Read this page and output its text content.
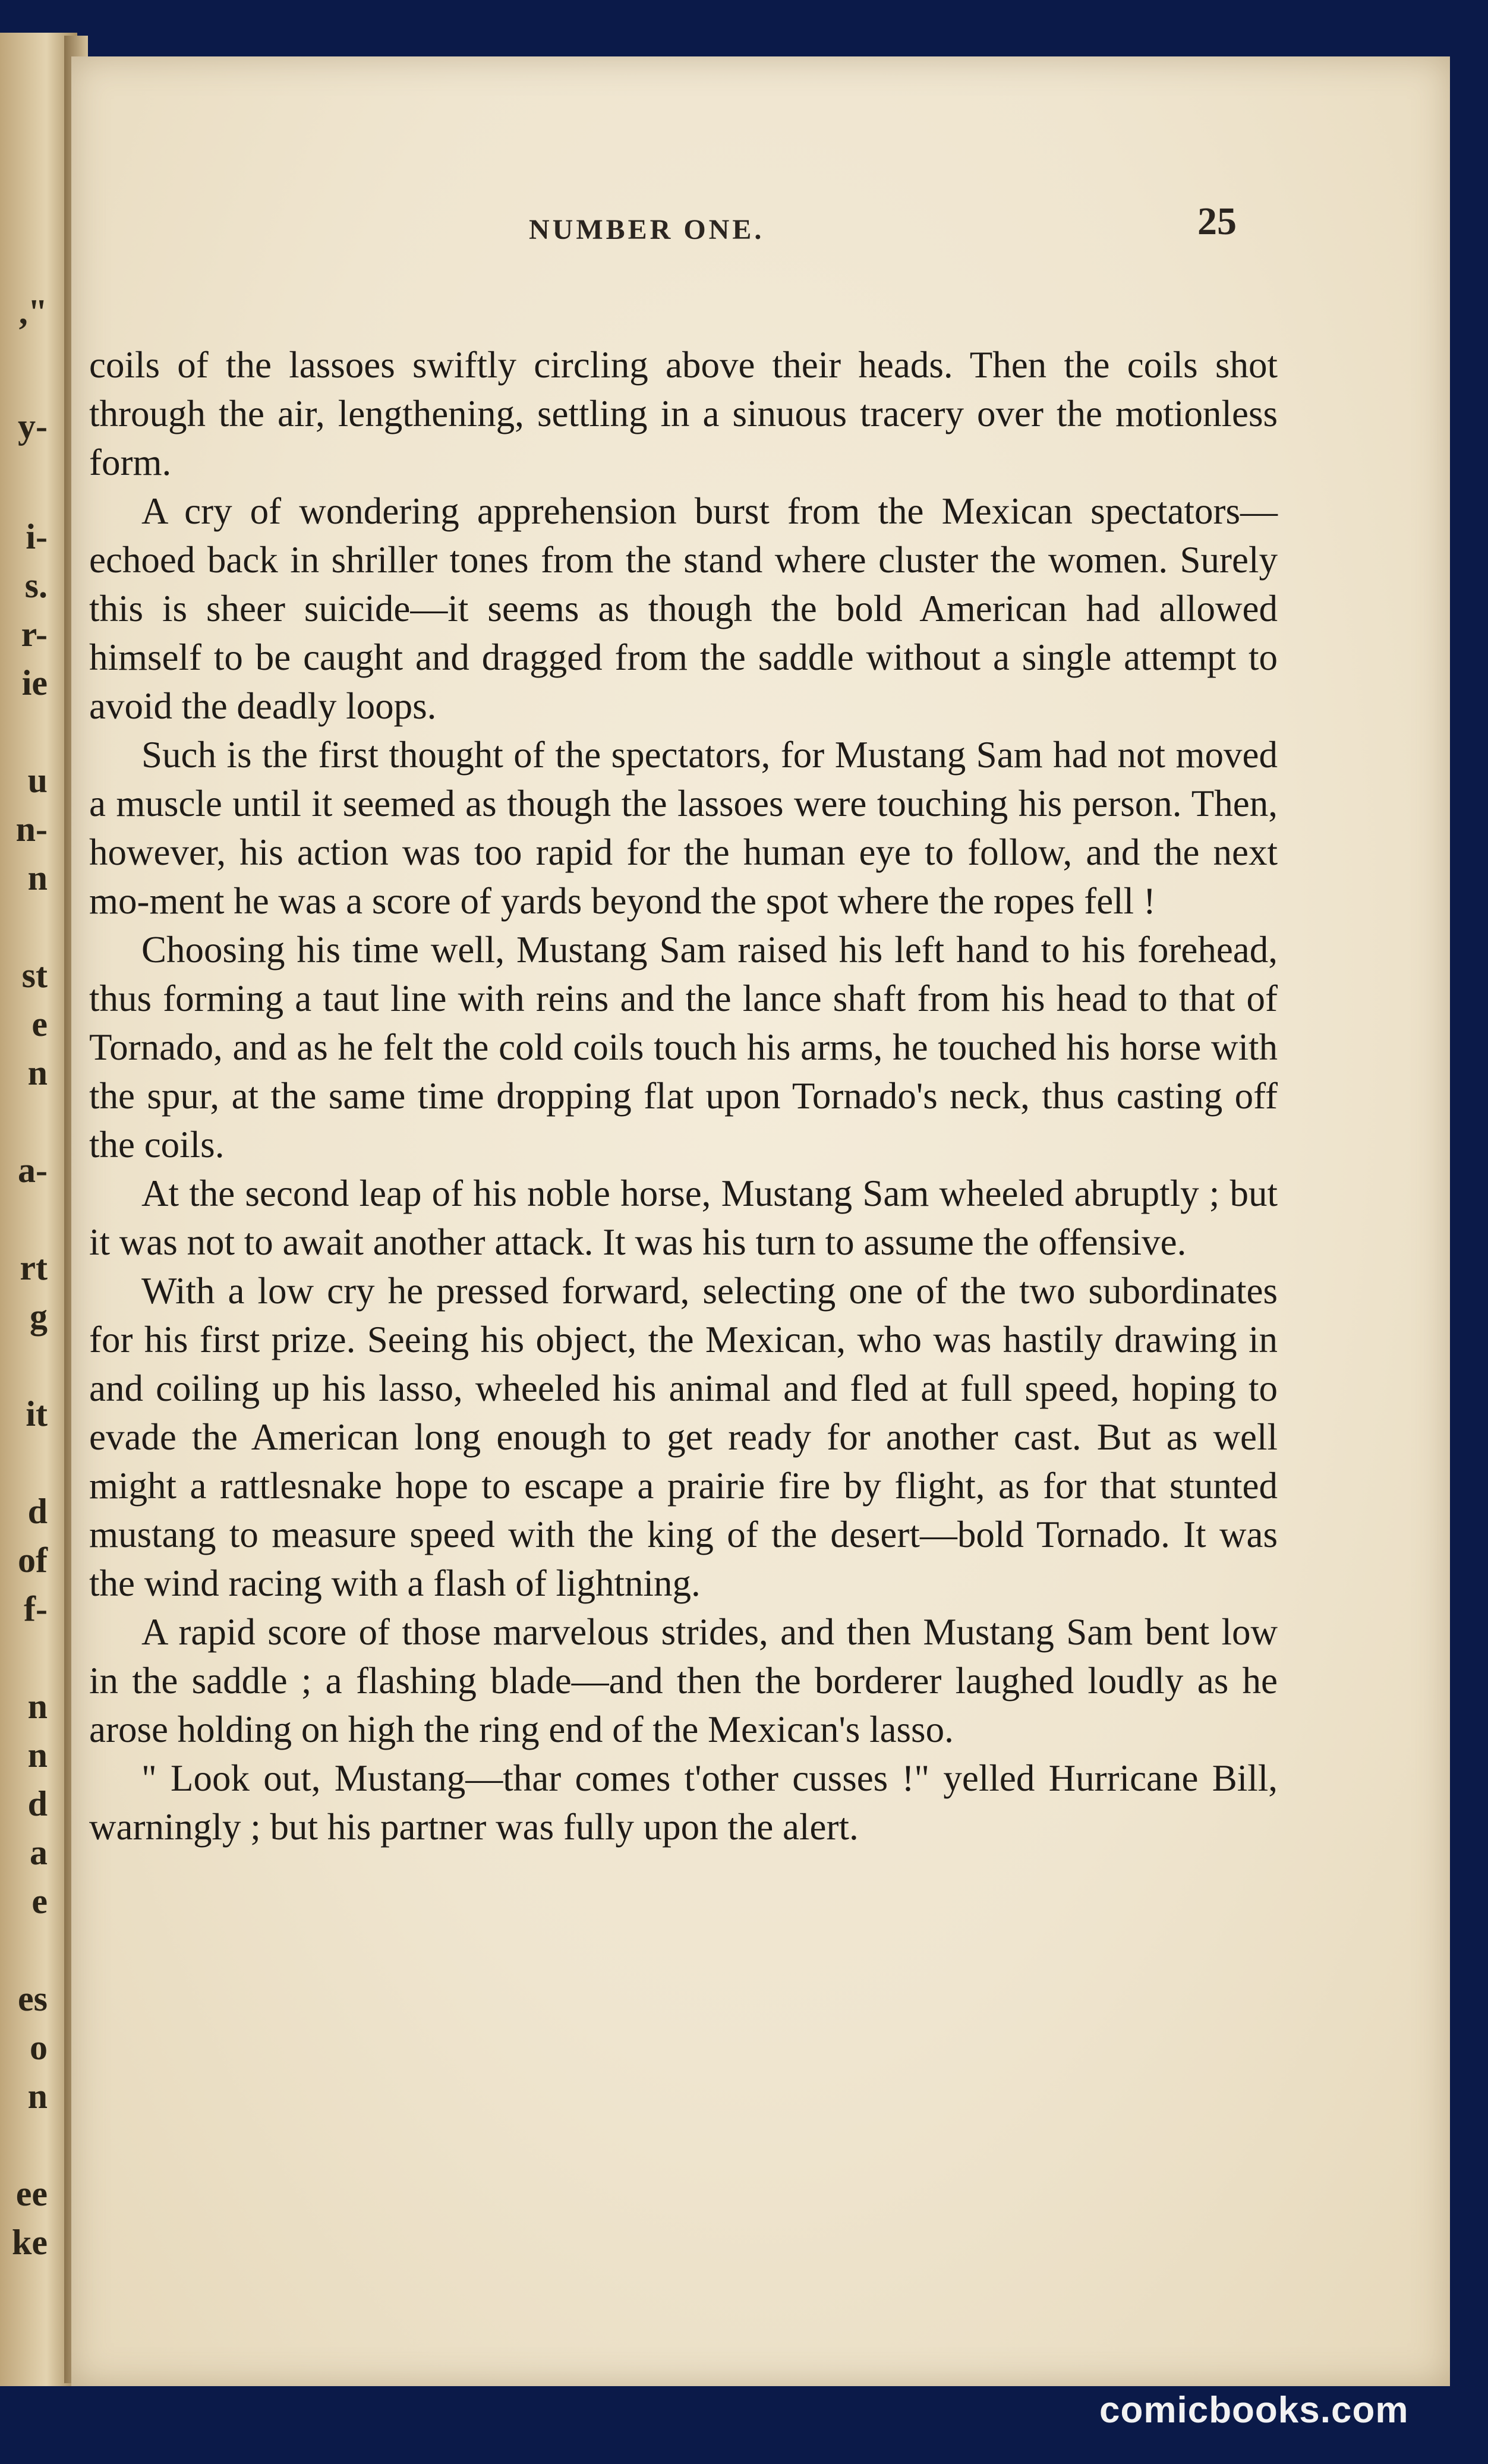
,"
y-
i-
s.
r-
ie
u
n-
n
st
e
n
a-
rt
g
it
d
of
f-
n
n
d
a
e
es
o
n
ee
ke
NUMBER ONE.	25

coils of the lassoes swiftly circling above their heads. Then the coils shot through the air, lengthening, settling in a sinuous tracery over the motionless form.

A cry of wondering apprehension burst from the Mexican spectators—echoed back in shriller tones from the stand where cluster the women. Surely this is sheer suicide—it seems as though the bold American had allowed himself to be caught and dragged from the saddle without a single attempt to avoid the deadly loops.

Such is the first thought of the spectators, for Mustang Sam had not moved a muscle until it seemed as though the lassoes were touching his person. Then, however, his action was too rapid for the human eye to follow, and the next mo-ment he was a score of yards beyond the spot where the ropes fell !

Choosing his time well, Mustang Sam raised his left hand to his forehead, thus forming a taut line with reins and the lance shaft from his head to that of Tornado, and as he felt the cold coils touch his arms, he touched his horse with the spur, at the same time dropping flat upon Tornado's neck, thus casting off the coils.

At the second leap of his noble horse, Mustang Sam wheeled abruptly ; but it was not to await another attack. It was his turn to assume the offensive.

With a low cry he pressed forward, selecting one of the two subordinates for his first prize. Seeing his object, the Mexican, who was hastily drawing in and coiling up his lasso, wheeled his animal and fled at full speed, hoping to evade the American long enough to get ready for another cast. But as well might a rattlesnake hope to escape a prairie fire by flight, as for that stunted mustang to measure speed with the king of the desert—bold Tornado. It was the wind racing with a flash of lightning.

A rapid score of those marvelous strides, and then Mustang Sam bent low in the saddle ; a flashing blade—and then the borderer laughed loudly as he arose holding on high the ring end of the Mexican's lasso.

" Look out, Mustang—thar comes t'other cusses !" yelled Hurricane Bill, warningly ; but his partner was fully upon the alert.

comicbooks.com
